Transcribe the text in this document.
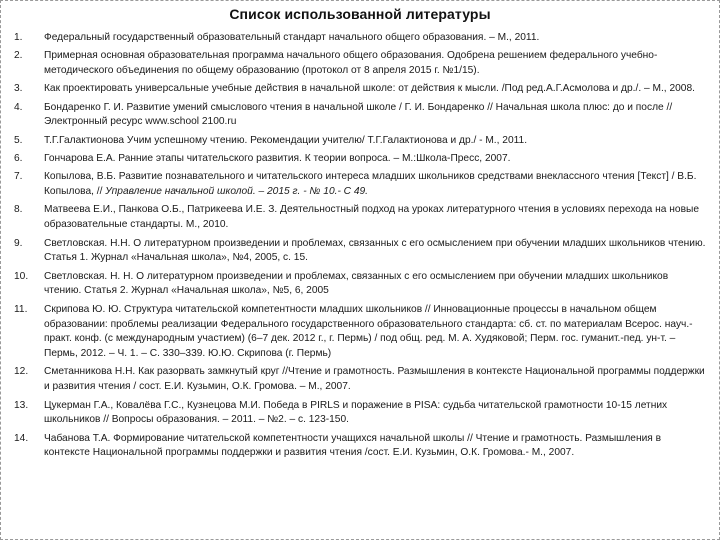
Список использованной литературы
1. Федеральный государственный образовательный стандарт начального общего образования. – М., 2011.
2. Примерная основная образовательная программа начального общего образования. Одобрена решением федерального учебно-методического объединения по общему образованию (протокол от 8 апреля 2015 г. №1/15).
3. Как проектировать универсальные учебные действия в начальной школе: от действия к мысли. /Под ред.А.Г.Асмолова и др./. – М., 2008.
4. Бондаренко Г. И. Развитие умений смыслового чтения в начальной школе / Г. И. Бондаренко // Начальная школа плюс: до и после // Электронный ресурс www.school 2100.ru
5. Т.Г.Галактионова Учим успешному чтению. Рекомендации учителю/ Т.Г.Галактионова и др./ - М., 2011.
6. Гончарова Е.А. Ранние этапы читательского развития. К теории вопроса. – М.:Школа-Пресс, 2007.
7. Копылова, В.Б. Развитие познавательного и читательского интереса младших школьников средствами внеклассного чтения [Текст] / В.Б. Копылова, // Управление начальной школой. – 2015 г. - № 10.- С 49.
8. Матвеева Е.И., Панкова О.Б., Патрикеева И.Е. З. Деятельностный подход на уроках литературного чтения в условиях перехода на новые образовательные стандарты. М., 2010.
9. Светловская. Н.Н. О литературном произведении и проблемах, связанных с его осмыслением при обучении младших школьников чтению. Статья 1. Журнал «Начальная школа», №4, 2005, с. 15.
10. Светловская. Н. Н. О литературном произведении и проблемах, связанных с его осмыслением при обучении младших школьников чтению. Статья 2. Журнал «Начальная школа», №5, 6, 2005
11. Скрипова Ю. Ю. Структура читательской компетентности младших школьников // Инновационные процессы в начальном общем образовании: проблемы реализации Федерального государственного образовательного стандарта: сб. ст. по материалам Всерос. науч.-практ. конф. (с международным участием) (6–7 дек. 2012 г., г. Пермь) / под общ. ред. М. А. Худяковой; Перм. гос. гуманит.-пед. ун-т. – Пермь, 2012. – Ч. 1. – С. 330–339. Ю.Ю. Скрипова (г. Пермь)
12. Сметанникова Н.Н. Как разорвать замкнутый круг //Чтение и грамотность. Размышления в контексте Национальной программы поддержки и развития чтения / сост. Е.И. Кузьмин, О.К. Громова. – М., 2007.
13. Цукерман Г.А., Ковалёва Г.С., Кузнецова М.И. Победа в PIRLS и поражение в PISA: судьба читательской грамотности 10-15 летних школьников // Вопросы образования. – 2011. – №2. – с. 123-150.
14. Чабанова Т.А. Формирование читательской компетентности учащихся начальной школы // Чтение и грамотность. Размышления в контексте Национальной программы поддержки и развития чтения /сост. Е.И. Кузьмин, О.К. Громова.- М., 2007.
